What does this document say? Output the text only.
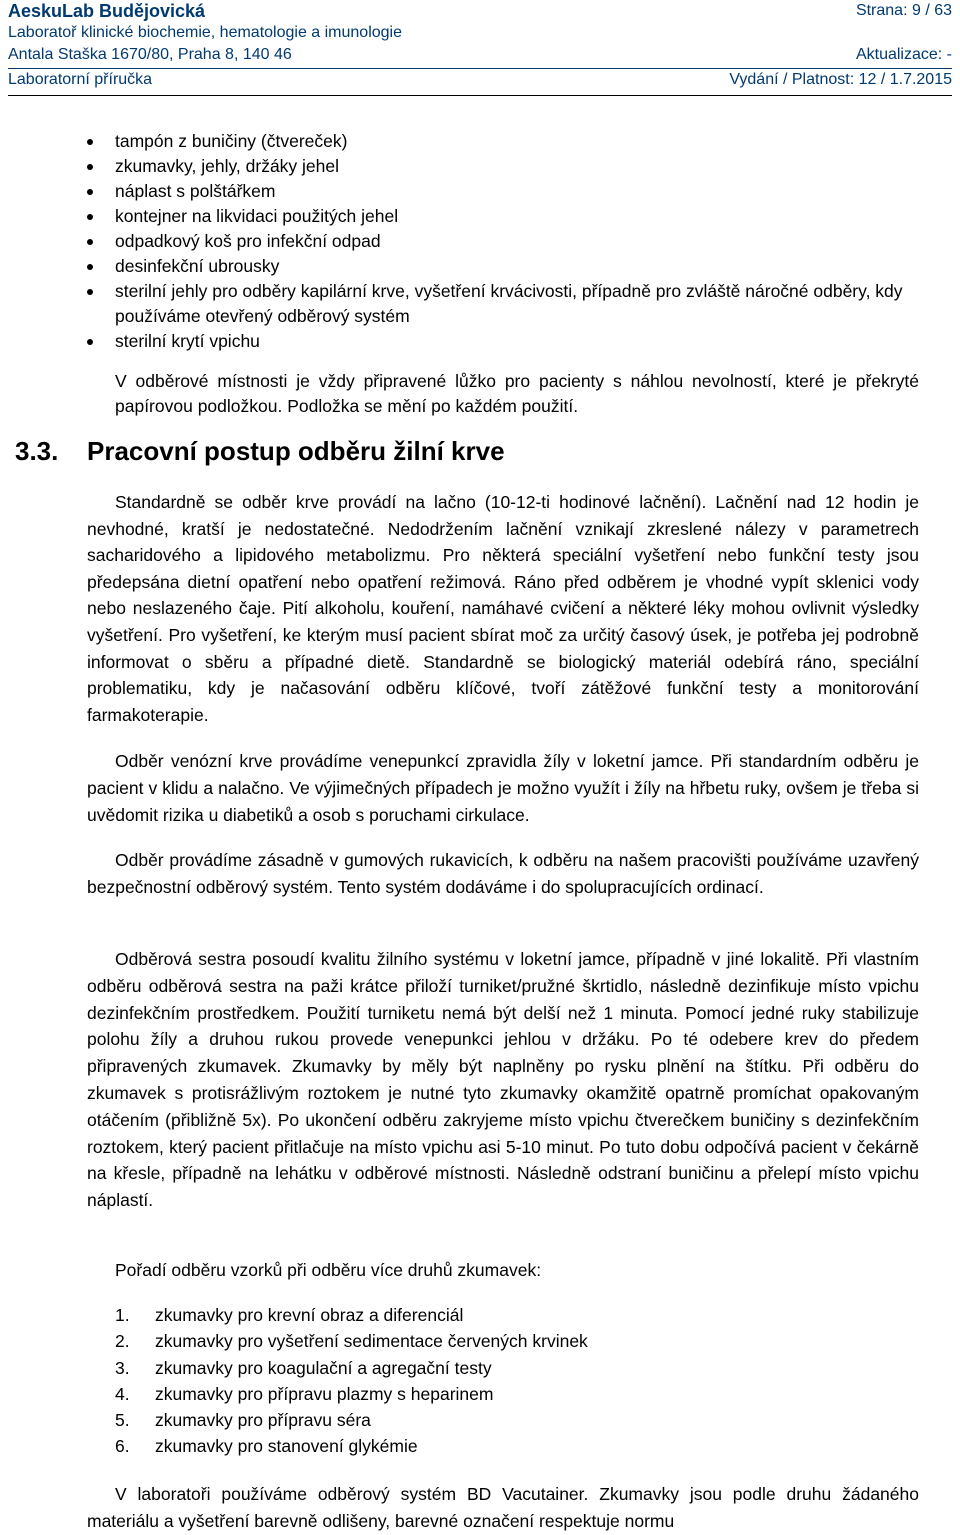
AeskuLab Budějovická	Strana: 9 / 63
Laboratoř klinické biochemie, hematologie a imunologie
Antala Staška 1670/80, Praha 8, 140 46	Aktualizace: -
Laboratorní příručka	Vydání / Platnost: 12 / 1.7.2015
tampón z buničiny (čtvereček)
zkumavky, jehly, držáky jehel
náplast s polštářkem
kontejner na likvidaci použitých jehel
odpadkový koš pro infekční odpad
desinfekční ubrousky
sterilní jehly pro odběry kapilární krve, vyšetření krvácivosti, případně pro zvláště náročné odběry, kdy používáme otevřený odběrový systém
sterilní krytí vpichu

V odběrové místnosti je vždy připravené lůžko pro pacienty s náhlou nevolností, které je překryté papírovou podložkou. Podložka se mění po každém použití.

3.3. Pracovní postup odběru žilní krve

Standardně se odběr krve provádí na lačno (10-12-ti hodinové lačnění). Lačnění nad 12 hodin je nevhodné, kratší je nedostatečné. Nedodržením lačnění vznikají zkreslené nálezy v parametrech sacharidového a lipidového metabolizmu. Pro některá speciální vyšetření nebo funkční testy jsou předepsána dietní opatření nebo opatření režimová. Ráno před odběrem je vhodné vypít sklenici vody nebo neslazeného čaje. Pití alkoholu, kouření, namáhavé cvičení a některé léky mohou ovlivnit výsledky vyšetření. Pro vyšetření, ke kterým musí pacient sbírat moč za určitý časový úsek, je potřeba jej podrobně informovat o sběru a případné dietě. Standardně se biologický materiál odebírá ráno, speciální problematiku, kdy je načasování odběru klíčové, tvoří zátěžové funkční testy a monitorování farmakoterapie.

Odběr venózní krve provádíme venepunkcí zpravidla žíly v loketní jamce. Při standardním odběru je pacient v klidu a nalačno. Ve výjimečných případech je možno využít i žíly na hřbetu ruky, ovšem je třeba si uvědomit rizika u diabetiků a osob s poruchami cirkulace.

Odběr provádíme zásadně v gumových rukavicích, k odběru na našem pracovišti používáme uzavřený bezpečnostní odběrový systém. Tento systém dodáváme i do spolupracujících ordinací.

Odběrová sestra posoudí kvalitu žilního systému v loketní jamce, případně v jiné lokalitě. Při vlastním odběru odběrová sestra na paži krátce přiloží turniket/pružné škrtidlo, následně dezinfikuje místo vpichu dezinfekčním prostředkem. Použití turniketu nemá být delší než 1 minuta. Pomocí jedné ruky stabilizuje polohu žíly a druhou rukou provede venepunkci jehlou v držáku. Po té odebere krev do předem připravených zkumavek. Zkumavky by měly být naplněny po rysku plnění na štítku. Při odběru do zkumavek s protisrážlivým roztokem je nutné tyto zkumavky okamžitě opatrně promíchat opakovaným otáčením (přibližně 5x). Po ukončení odběru zakryjeme místo vpichu čtverečkem buničiny s dezinfekčním roztokem, který pacient přitlačuje na místo vpichu asi 5-10 minut. Po tuto dobu odpočívá pacient v čekárně na křesle, případně na lehátku v odběrové místnosti. Následně odstraní buničinu a přelepí místo vpichu náplastí.

Pořadí odběru vzorků při odběru více druhů zkumavek:

1. zkumavky pro krevní obraz a diferenciál
2. zkumavky pro vyšetření sedimentace červených krvinek
3. zkumavky pro koagulační a agregační testy
4. zkumavky pro přípravu plazmy s heparinem
5. zkumavky pro přípravu séra
6. zkumavky pro stanovení glykémie

V laboratoři používáme odběrový systém BD Vacutainer. Zkumavky jsou podle druhu žádaného materiálu a vyšetření barevně odlišeny, barevné označení respektuje normu
